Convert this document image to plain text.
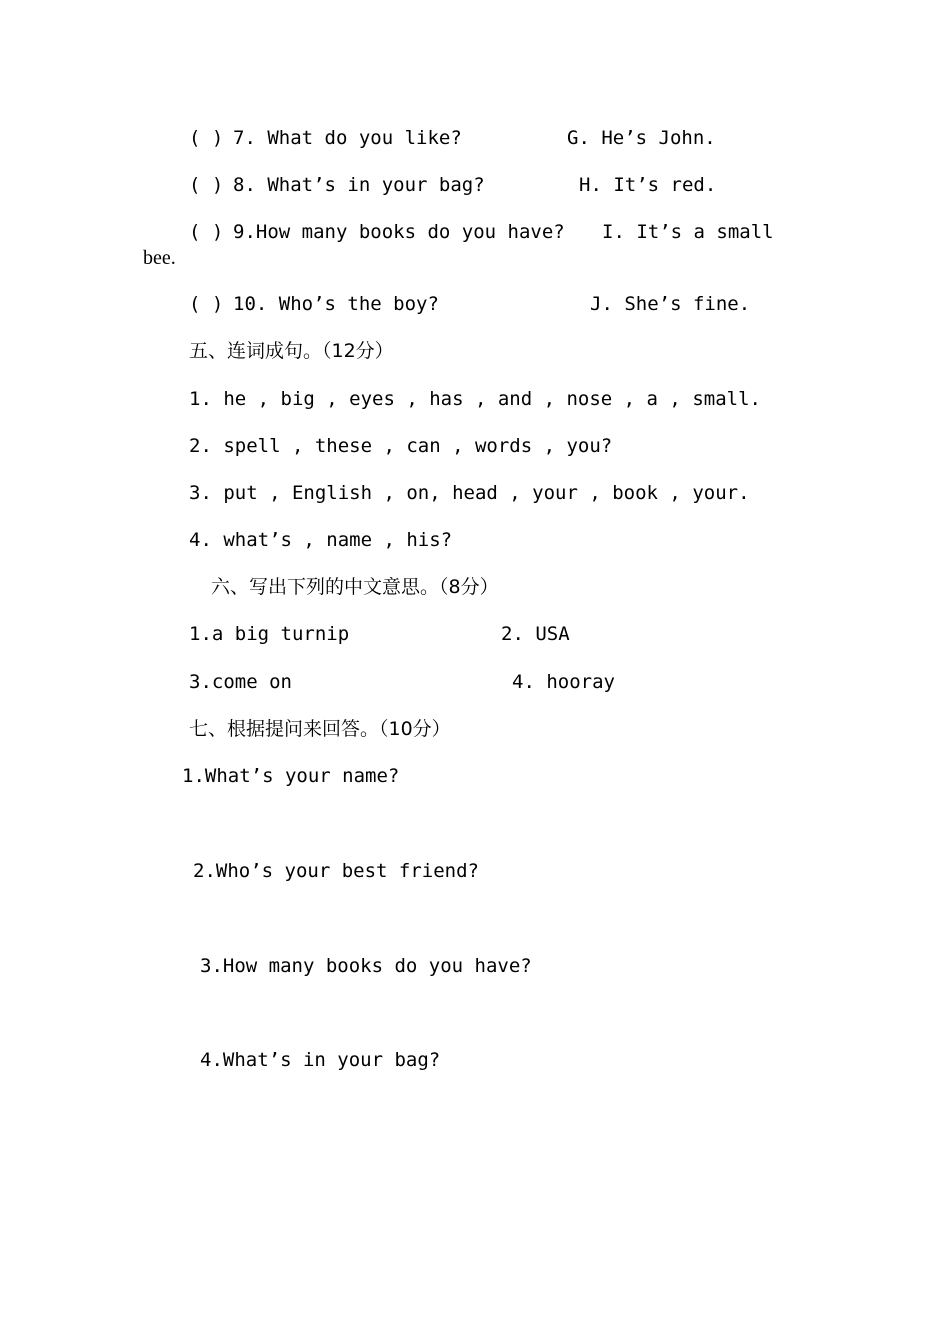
( ) 7. What do you like?	G. He’s John.
( ) 8. What’s in your bag?	H. It’s red.
( ) 9.How many books do you have? I. It’s a small
bee.
( ) 10. Who’s the boy?	J. She’s fine.
五、连词成句。（12分）
1. he , big , eyes , has , and , nose , a , small.
2. spell , these , can , words , you?
3. put , English , on, head , your , book , your.
4. what’s , name , his?
六、写出下列的中文意思。（8分）
1.a big turnip	2. USA
3.come on	4. hooray
七、根据提问来回答。（10分）
1.What’s your name?
2.Who’s your best friend?
3.How many books do you have?
4.What’s in your bag?
